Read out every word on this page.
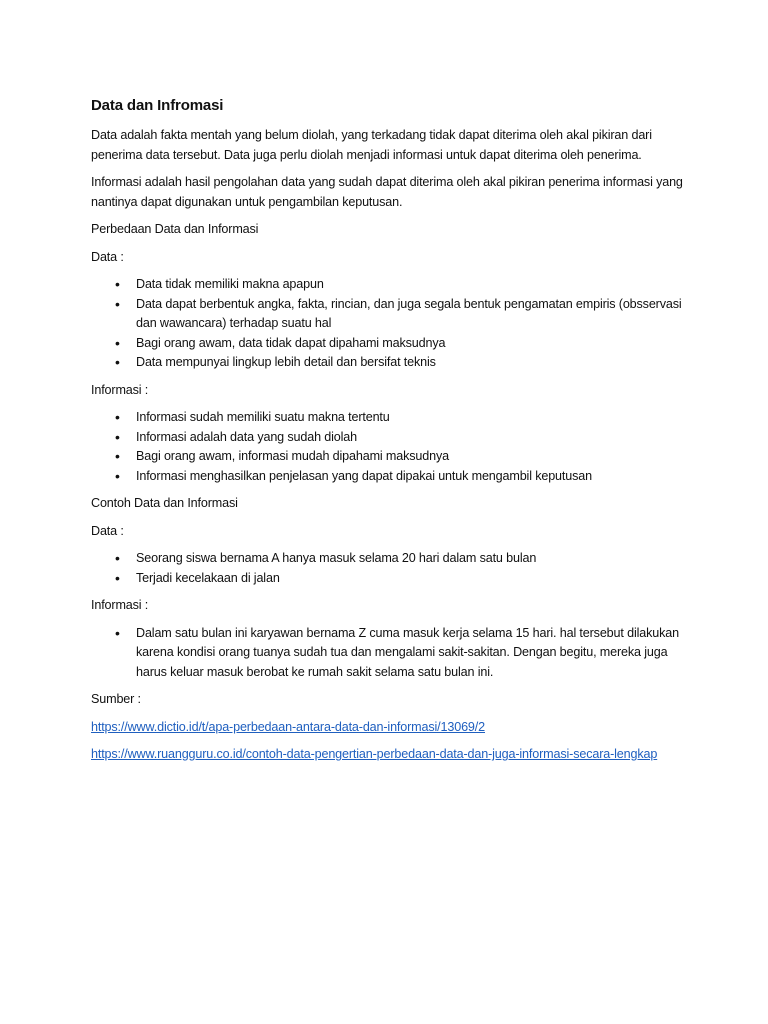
Data dan Infromasi

Data adalah fakta mentah yang belum diolah, yang terkadang tidak dapat diterima oleh akal pikiran dari penerima data tersebut. Data juga perlu diolah menjadi informasi untuk dapat diterima oleh penerima.

Informasi adalah hasil pengolahan data yang sudah dapat diterima oleh akal pikiran penerima informasi yang nantinya dapat digunakan untuk pengambilan keputusan.

Perbedaan Data dan Informasi

Data :

• Data tidak memiliki makna apapun
• Data dapat berbentuk angka, fakta, rincian, dan juga segala bentuk pengamatan empiris (obsservasi dan wawancara) terhadap suatu hal
• Bagi orang awam, data tidak dapat dipahami maksudnya
• Data mempunyai lingkup lebih detail dan bersifat teknis

Informasi :

• Informasi sudah memiliki suatu makna tertentu
• Informasi adalah data yang sudah diolah
• Bagi orang awam, informasi mudah dipahami maksudnya
• Informasi menghasilkan penjelasan yang dapat dipakai untuk mengambil keputusan

Contoh Data dan Informasi

Data :

• Seorang siswa bernama A hanya masuk selama 20 hari dalam satu bulan
• Terjadi kecelakaan di jalan

Informasi :

• Dalam satu bulan ini karyawan bernama Z cuma masuk kerja selama 15 hari. hal tersebut dilakukan karena kondisi orang tuanya sudah tua dan mengalami sakit-sakitan. Dengan begitu, mereka juga harus keluar masuk berobat ke rumah sakit selama satu bulan ini.

Sumber :

https://www.dictio.id/t/apa-perbedaan-antara-data-dan-informasi/13069/2

https://www.ruangguru.co.id/contoh-data-pengertian-perbedaan-data-dan-juga-informasi-secara-lengkap
